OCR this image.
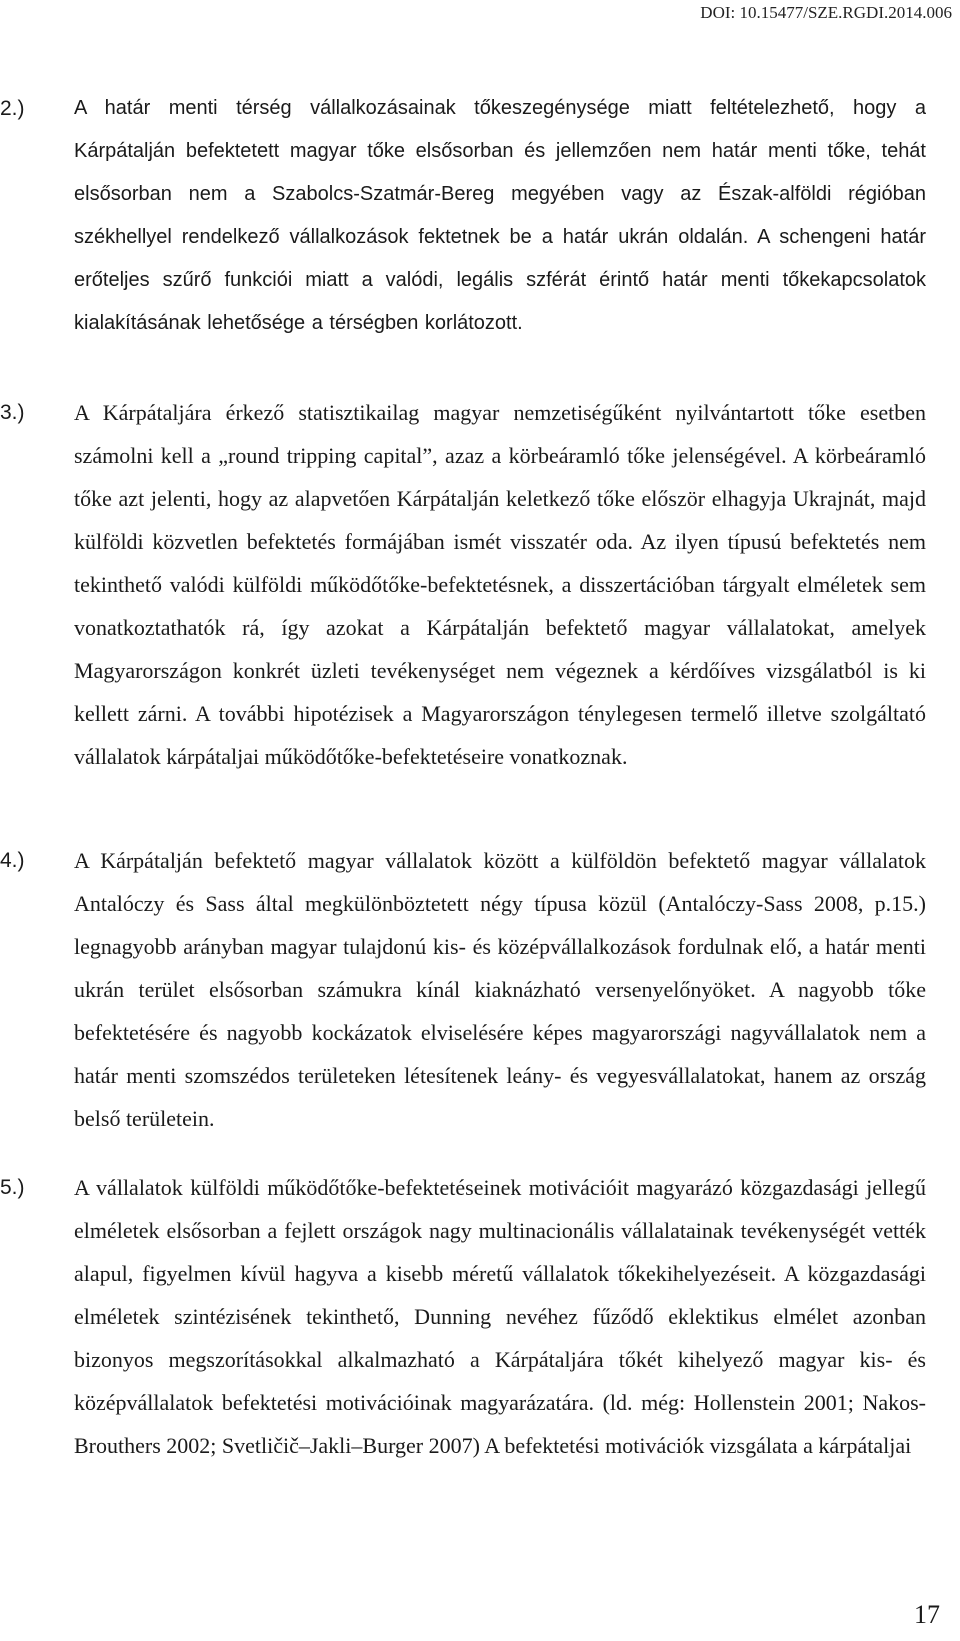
DOI: 10.15477/SZE.RGDI.2014.006
2.) A határ menti térség vállalkozásainak tőkeszegénysége miatt feltételezhető, hogy a Kárpátalján befektetett magyar tőke elsősorban és jellemzően nem határ menti tőke, tehát elsősorban nem a Szabolcs-Szatmár-Bereg megyében vagy az Észak-alföldi régióban székhellyel rendelkező vállalkozások fektetnek be a határ ukrán oldalán. A schengeni határ erőteljes szűrő funkciói miatt a valódi, legális szférát érintő határ menti tőkekapcsolatok kialakításának lehetősége a térségben korlátozott.

3.) A Kárpátaljára érkező statisztikailag magyar nemzetiségűként nyilvántartott tőke esetben számolni kell a „round tripping capital”, azaz a körbeáramló tőke jelenségével. A körbeáramló tőke azt jelenti, hogy az alapvetően Kárpátalján keletkező tőke először elhagyja Ukrajnát, majd külföldi közvetlen befektetés formájában ismét visszatér oda. Az ilyen típusú befektetés nem tekinthető valódi külföldi működőtőke-befektetésnek, a disszertációban tárgyalt elméletek sem vonatkoztathatók rá, így azokat a Kárpátalján befektető magyar vállalatokat, amelyek Magyarországon konkrét üzleti tevékenységet nem végeznek a kérdőíves vizsgálatból is ki kellett zárni. A további hipotézisek a Magyarországon ténylegesen termelő illetve szolgáltató vállalatok kárpátaljai működőtőke-befektetéseire vonatkoznak.

4.) A Kárpátalján befektető magyar vállalatok között a külföldön befektető magyar vállalatok Antalóczy és Sass által megkülönböztetett négy típusa közül (Antalóczy-Sass 2008, p.15.) legnagyobb arányban magyar tulajdonú kis- és középvállalkozások fordulnak elő, a határ menti ukrán terület elsősorban számukra kínál kiaknázható versenyelőnyöket. A nagyobb tőke befektetésére és nagyobb kockázatok elviselésére képes magyarországi nagyvállalatok nem a határ menti szomszédos területeken létesítenek leány- és vegyesvállalatokat, hanem az ország belső területein.

5.) A vállalatok külföldi működőtőke-befektetéseinek motivációit magyarázó közgazdasági jellegű elméletek elsősorban a fejlett országok nagy multinacionális vállalatainak tevékenységét vették alapul, figyelmen kívül hagyva a kisebb méretű vállalatok tőkekihelyezéseit. A közgazdasági elméletek szintézisének tekinthető, Dunning nevéhez fűződő eklektikus elmélet azonban bizonyos megszorításokkal alkalmazható a Kárpátaljára tőkét kihelyező magyar kis- és középvállalatok befektetési motivációinak magyarázatára. (ld. még: Hollenstein 2001; Nakos-Brouthers 2002; Svetličič–Jakli–Burger 2007) A befektetési motivációk vizsgálata a kárpátaljai

17
